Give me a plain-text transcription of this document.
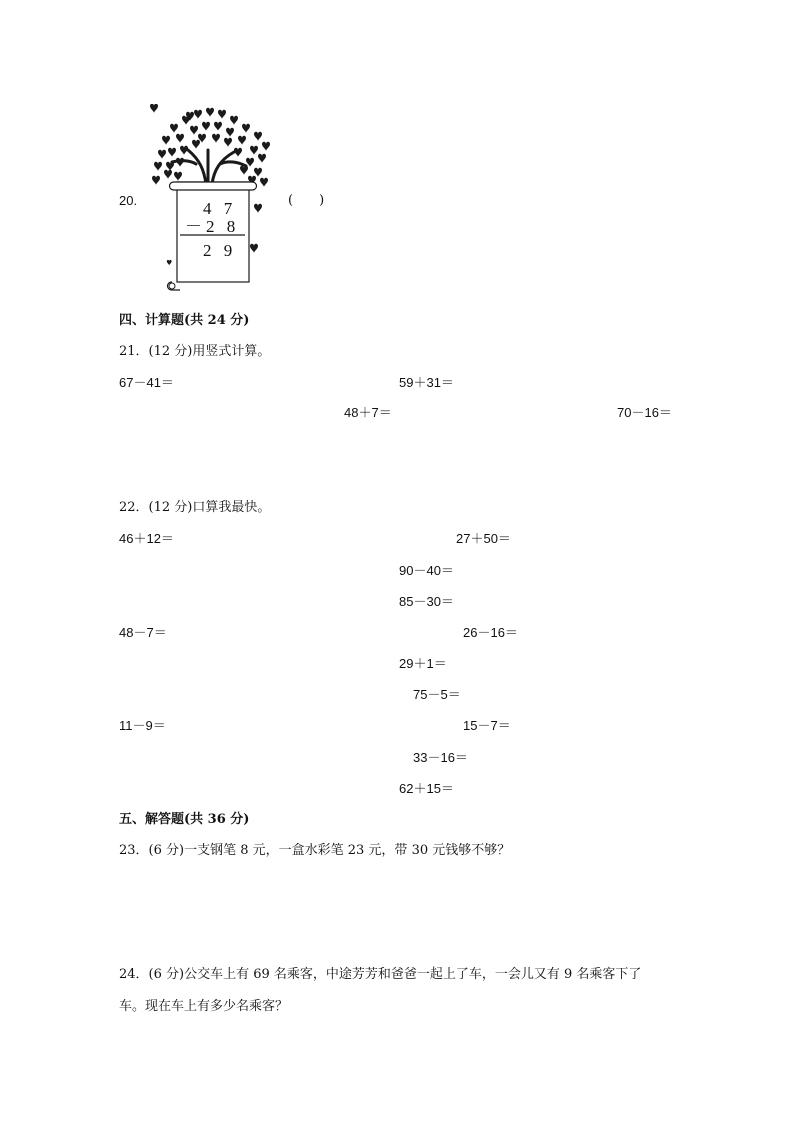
20.	4 7
－2 8
2 9
(　　)
四、计算题(共 24 分)
21．(12 分)用竖式计算。
67－41＝	59＋31＝
48＋7＝	70－16＝
22．(12 分)口算我最快。
46＋12＝	27＋50＝
90－40＝
85－30＝
48－7＝	26－16＝
29＋1＝
75－5＝
11－9＝	15－7＝
33－16＝
62＋15＝
五、解答题(共 36 分)
23．(6 分)一支钢笔 8 元，一盒水彩笔 23 元，带 30 元钱够不够？
24．(6 分)公交车上有 69 名乘客，中途芳芳和爸爸一起上了车，一会儿又有 9 名乘客下了
车。现在车上有多少名乘客？
